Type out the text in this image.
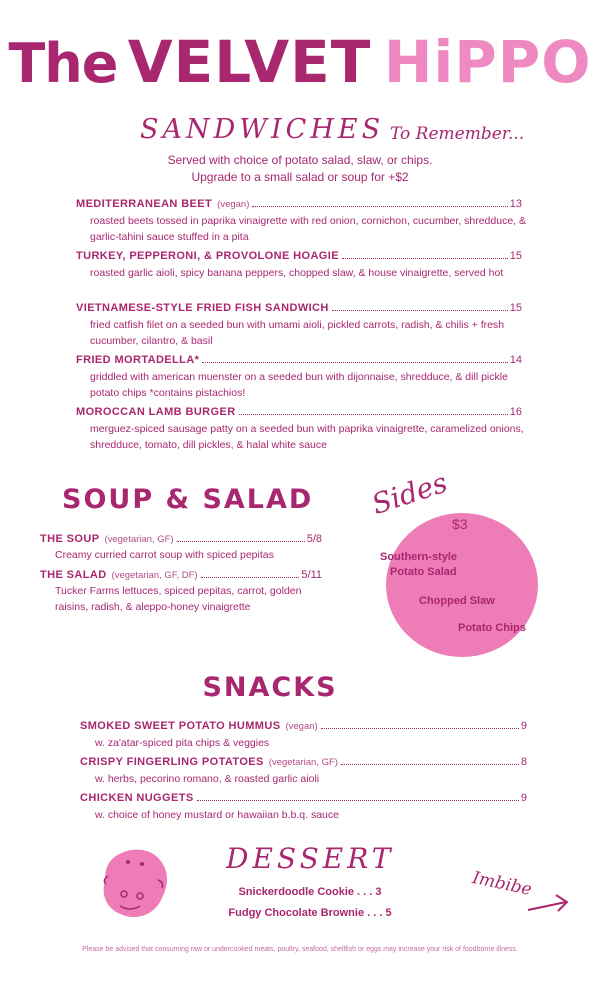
The VELVET HiPPO
SANDWICHES To Remember...
Served with choice of potato salad, slaw, or chips.
Upgrade to a small salad or soup for +$2
MEDITERRANEAN BEET (vegan)	13
roasted beets tossed in paprika vinaigrette with red onion, cornichon, cucumber, shredduce, & garlic-tahini sauce stuffed in a pita
TURKEY, PEPPERONI, & PROVOLONE HOAGIE	15
roasted garlic aioli, spicy banana peppers, chopped slaw, & house vinaigrette, served hot
VIETNAMESE-STYLE FRIED FISH SANDWICH	15
fried catfish filet on a seeded bun with umami aioli, pickled carrots, radish, & chilis + fresh cucumber, cilantro, & basil
FRIED MORTADELLA*	14
griddled with american muenster on a seeded bun with dijonnaise, shredduce, & dill pickle potato chips *contains pistachios!
MOROCCAN LAMB BURGER	16
merguez-spiced sausage patty on a seeded bun with paprika vinaigrette, caramelized onions, shredduce, tomato, dill pickles, & halal white sauce
SOUP & SALAD
THE SOUP (vegetarian, GF)	5/8
Creamy curried carrot soup with spiced pepitas
THE SALAD (vegetarian, GF, DF)	5/11
Tucker Farms lettuces, spiced pepitas, carrot, golden raisins, radish, & aleppo-honey vinaigrette
Sides
$3
Southern-style
Potato Salad
Chopped Slaw
Potato Chips
SNACKS
SMOKED SWEET POTATO HUMMUS (vegan)	9
w. za'atar-spiced pita chips & veggies
CRISPY FINGERLING POTATOES (vegetarian, GF)	8
w. herbs, pecorino romano, & roasted garlic aioli
CHICKEN NUGGETS	9
w. choice of honey mustard or hawaiian b.b.q. sauce
DESSERT
Snickerdoodle Cookie . . . 3
Fudgy Chocolate Brownie . . . 5
Imbibe
Please be advised that consuming raw or undercooked meats, poultry, seafood, shellfish or eggs may increase your risk of foodborne illness.
